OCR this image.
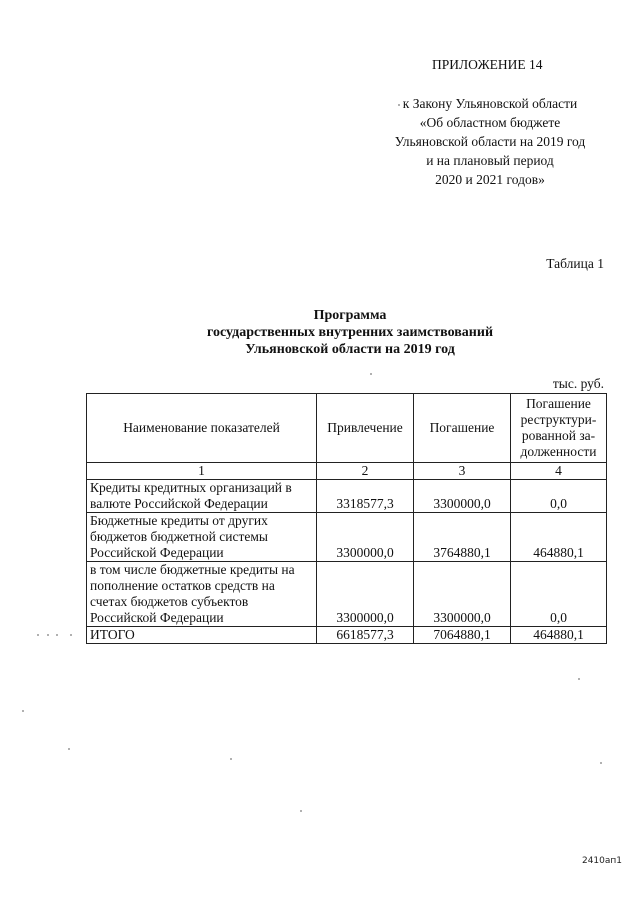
ПРИЛОЖЕНИЕ 14
к Закону Ульяновской области
«Об областном бюджете
Ульяновской области на 2019 год
и на плановый период
2020 и 2021 годов»
Таблица 1
Программа
государственных внутренних заимствований
Ульяновской области на 2019 год
тыс. руб.
Наименование показателей	Привлечение	Погашение	Погашение реструктури-рованной за-долженности
1	2	3	4
Кредиты кредитных организаций в валюте Российской Федерации	3318577,3	3300000,0	0,0
Бюджетные кредиты от других бюджетов бюджетной системы Российской Федерации	3300000,0	3764880,1	464880,1
в том числе бюджетные кредиты на пополнение остатков средств на счетах бюджетов субъектов Российской Федерации	3300000,0	3300000,0	0,0
ИТОГО	6618577,3	7064880,1	464880,1
2410ап1
